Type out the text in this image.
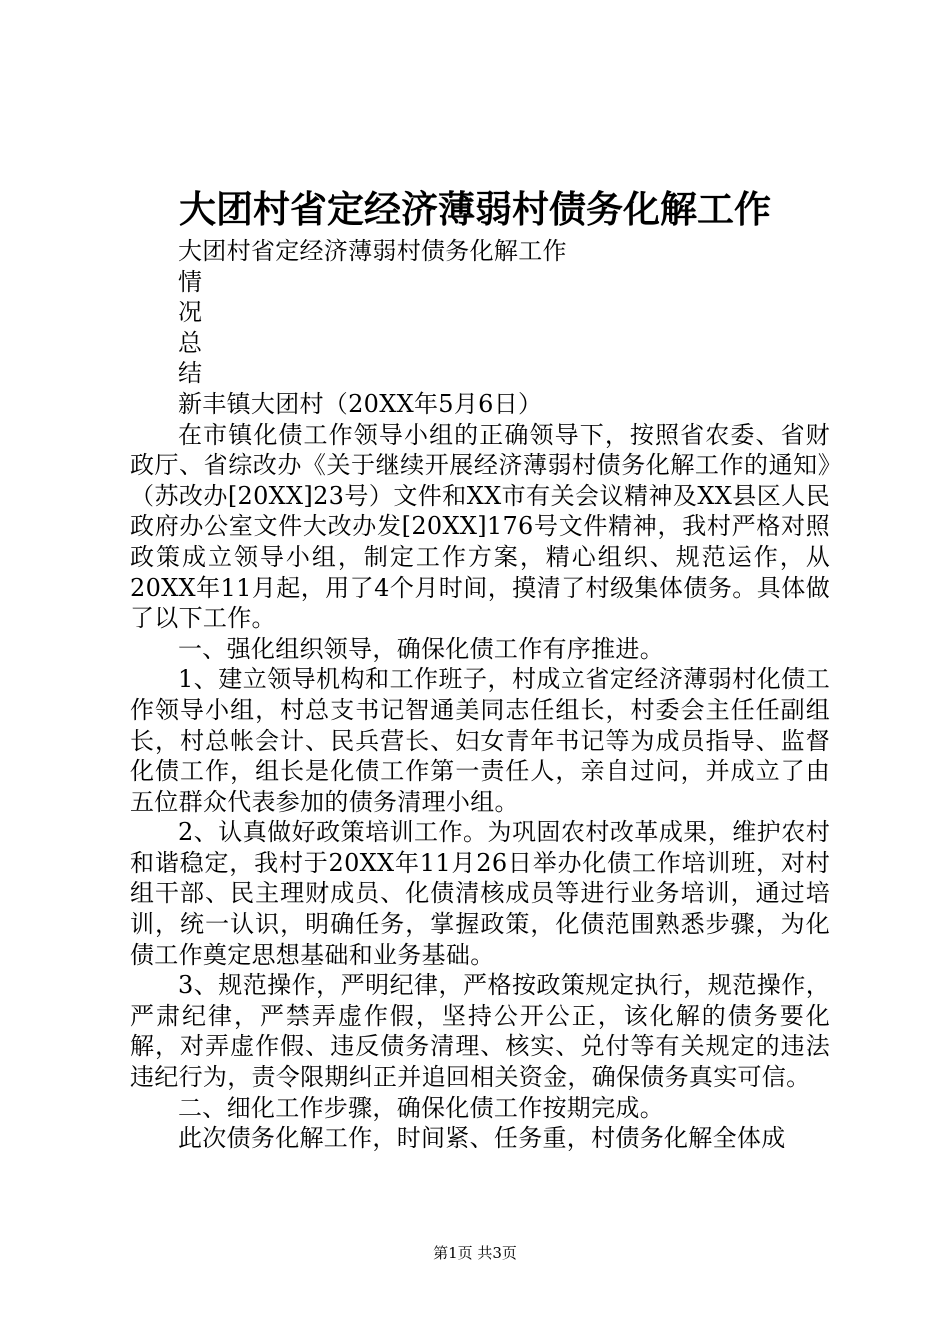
大团村省定经济薄弱村债务化解工作
大团村省定经济薄弱村债务化解工作
情
况
总
结
新丰镇大团村（20XX年5月6日）

在市镇化债工作领导小组的正确领导下，按照省农委、省财政厅、省综改办《关于继续开展经济薄弱村债务化解工作的通知》（苏改办[20XX]23号）文件和XX市有关会议精神及XX县区人民政府办公室文件大改办发[20XX]176号文件精神，我村严格对照政策成立领导小组，制定工作方案，精心组织、规范运作，从20XX年11月起，用了4个月时间，摸清了村级集体债务。具体做了以下工作。

一、强化组织领导，确保化债工作有序推进。

1、建立领导机构和工作班子，村成立省定经济薄弱村化债工作领导小组，村总支书记智通美同志任组长，村委会主任任副组长，村总帐会计、民兵营长、妇女青年书记等为成员指导、监督化债工作，组长是化债工作第一责任人，亲自过问，并成立了由五位群众代表参加的债务清理小组。

2、认真做好政策培训工作。为巩固农村改革成果，维护农村和谐稳定，我村于20XX年11月26日举办化债工作培训班，对村组干部、民主理财成员、化债清核成员等进行业务培训，通过培训，统一认识，明确任务，掌握政策，化债范围熟悉步骤，为化债工作奠定思想基础和业务基础。

3、规范操作，严明纪律，严格按政策规定执行，规范操作，严肃纪律，严禁弄虚作假，坚持公开公正，该化解的债务要化解，对弄虚作假、违反债务清理、核实、兑付等有关规定的违法违纪行为，责令限期纠正并追回相关资金，确保债务真实可信。

二、细化工作步骤，确保化债工作按期完成。

此次债务化解工作，时间紧、任务重，村债务化解全体成

第1页 共3页
